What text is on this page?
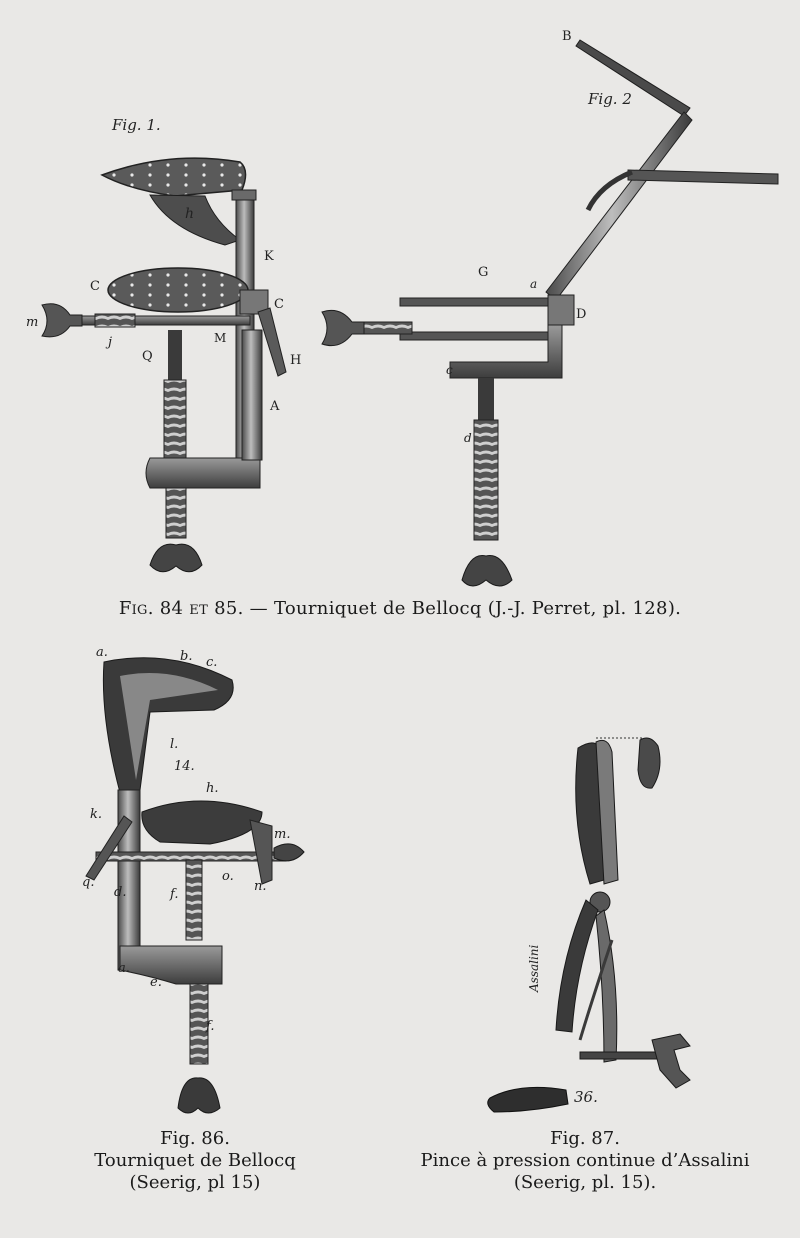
Fig. 1.
h
K
C
C
m
j	M
Q	H
A
Fig. 2
B
G
a
D
c
d
a.	b. c.
l.
14.
h.
k.
m.
q.
d.	f.
o.
n.
a.
e.
f.
Assalini
36.
Fig. 84 et 85. — Tourniquet de Bellocq (J.-J. Perret, pl. 128).
Fig. 86.
Tourniquet de Bellocq
(Seerig, pl 15)
Fig. 87.
Pince à pression continue d’Assalini
(Seerig, pl. 15).
